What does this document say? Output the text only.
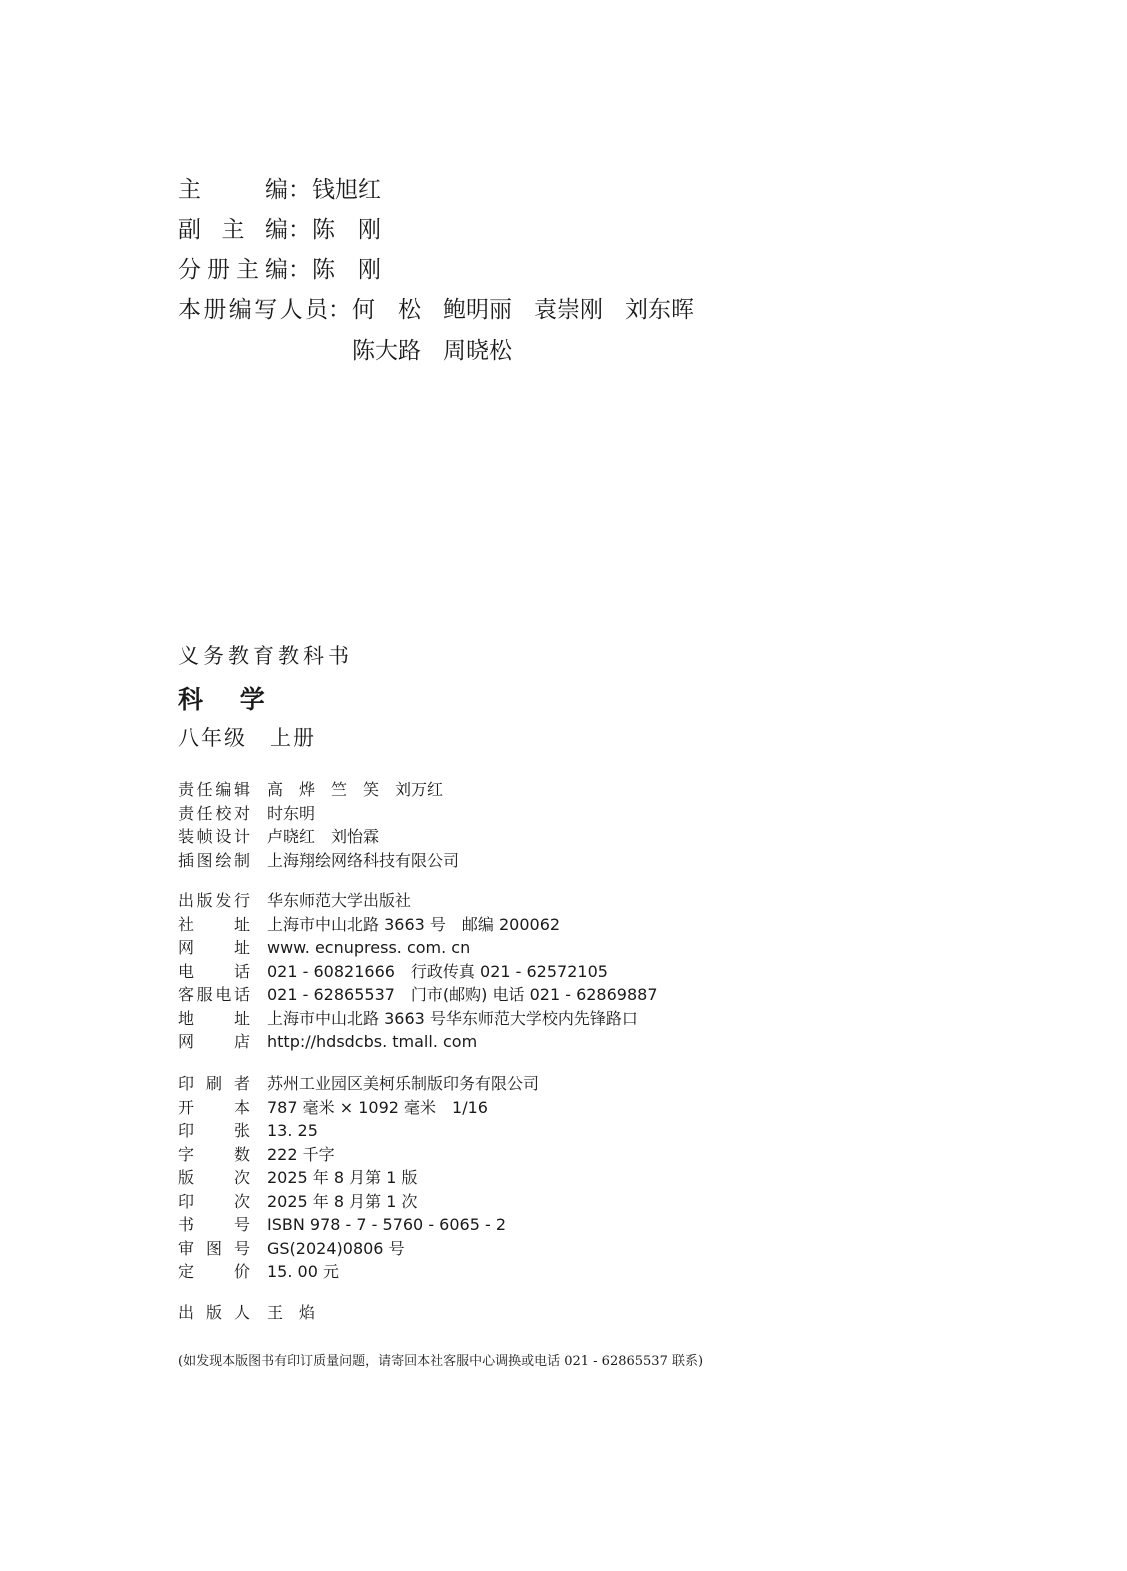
主编：钱旭红
副主编：陈　刚
分册主编：陈　刚
本册编写人员：何　松 鲍明丽 袁崇刚 刘东晖
陈大路 周晓松
义务教育教科书
科 学
八年级　上册
责任编辑 高　烨　竺　笑　刘万红
责任校对 时东明
装帧设计 卢晓红　刘怡霖
插图绘制 上海翔绘网络科技有限公司
出版发行 华东师范大学出版社
社址 上海市中山北路 3663 号　邮编 200062
网址 www. ecnupress. com. cn
电话 021 - 60821666　行政传真 021 - 62572105
客服电话 021 - 62865537　门市(邮购) 电话 021 - 62869887
地址 上海市中山北路 3663 号华东师范大学校内先锋路口
网店 http://hdsdcbs. tmall. com
印刷者 苏州工业园区美柯乐制版印务有限公司
开本 787 毫米 × 1092 毫米　1/16
印张 13. 25
字数 222 千字
版次 2025 年 8 月第 1 版
印次 2025 年 8 月第 1 次
书号 ISBN 978 - 7 - 5760 - 6065 - 2
审图号 GS(2024)0806 号
定价 15. 00 元
出版人 王　焰
(如发现本版图书有印订质量问题，请寄回本社客服中心调换或电话 021 - 62865537 联系)
